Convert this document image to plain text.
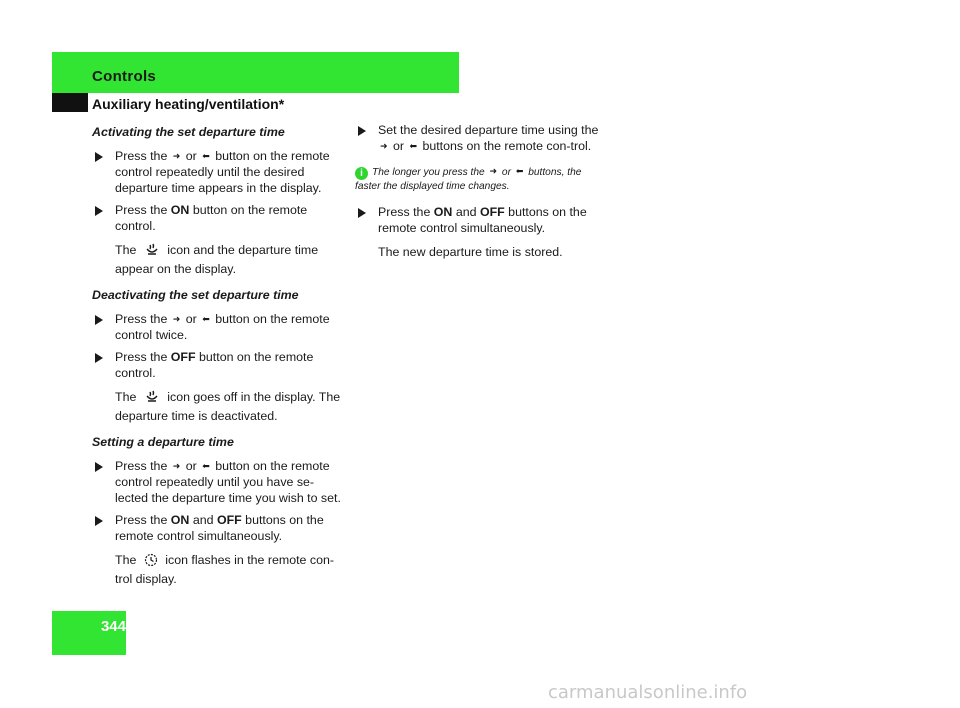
Controls
Auxiliary heating/ventilation*
Activating the set departure time
Press the ➜ or ⬅ button on the remote control repeatedly until the desired departure time appears in the display.
Press the ON button on the remote control.
The  icon and the departure time appear on the display.
Deactivating the set departure time
Press the ➜ or ⬅ button on the remote control twice.
Press the OFF button on the remote control.
The  icon goes off in the display. The departure time is deactivated.
Setting a departure time
Press the ➜ or ⬅ button on the remote control repeatedly until you have se-lected the departure time you wish to set.
Press the ON and OFF buttons on the remote control simultaneously.
The  icon flashes in the remote con-trol display.
Set the desired departure time using the ➜ or ⬅ buttons on the remote con-trol.
i The longer you press the ➜ or ⬅ buttons, the faster the displayed time changes.
Press the ON and OFF buttons on the remote control simultaneously.
The new departure time is stored.
344
carmanualsonline.info
